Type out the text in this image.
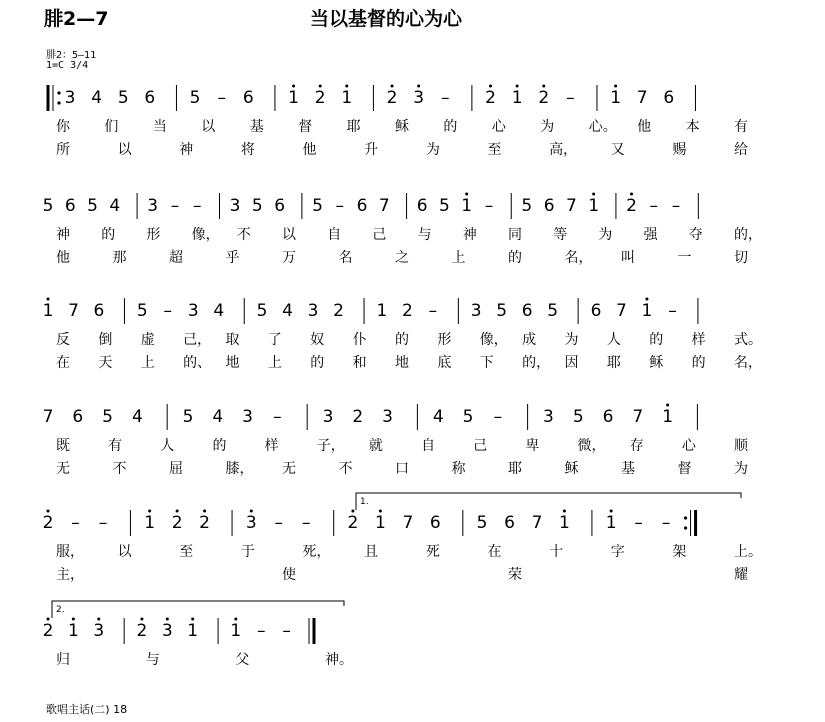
腓2—7	当以基督的心为心
腓2：5—11
1=C 3/4
3 4 5 6 5 – 6 1 2 1 2 3 – 2 1 2 – 1 7 6
你 们 当 以 基 督 耶 稣 的 心 为 心。 他 本 有
所	以	神	将	他	升	为	至	高， 又	赐	给
5 6 5 4 3 – – 3 5 6 5 – 6 7 6 5 1 – 5 6 7 1 2 – –
神 的 形 像， 不 以 自 己 与 神 同 等 为 强 夺 的，
他	那	超	乎	万	名	之	上	的	名， 叫	一	切
1 7 6 5 – 3 4 5 4 3 2 1 2 – 3 5 6 5 6 7 1 –
反 倒 虚 己， 取 了 奴 仆 的 形 像， 成 为 人 的 样 式。
在 天 上 的、 地 上 的 和 地 底 下 的， 因 耶 稣 的 名，
7 6 5 4 5 4 3 – 3 2 3 4 5 – 3 5 6 7 1
既	有	人	的	样	子， 就	自	己	卑	微， 存	心	顺
无	不	屈	膝， 无	不	口	称	耶	稣	基	督	为
1.
2 – – 1 2 2 3 – – 2 1 7 6 5 6 7 1 1 – –
服， 以	至	于	死， 且	死	在	十	字	架	上。
主，	使	荣	耀
2.
2 1 3 2 3 1 1 – –
归	与	父	神。
歌唱主话(二) 18
